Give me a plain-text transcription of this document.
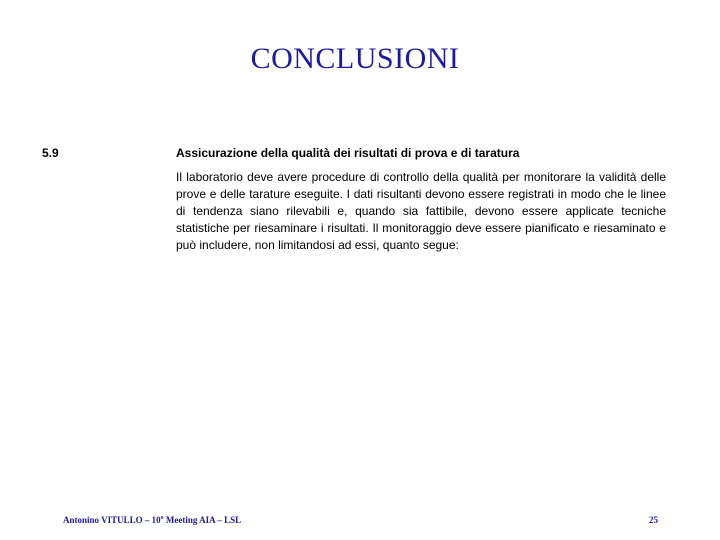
CONCLUSIONI
5.9	Assicurazione della qualità dei risultati di prova e di taratura

Il laboratorio deve avere procedure di controllo della qualità per monitorare la validità delle prove e delle tarature eseguite. I dati risultanti devono essere registrati in modo che le linee di tendenza siano rilevabili e, quando sia fattibile, devono essere applicate tecniche statistiche per riesaminare i risultati. Il monitoraggio deve essere pianificato e riesaminato e può includere, non limitandosi ad essi, quanto segue:

Antonino VITULLO – 10$^o$ Meeting AIA – LSL	25
